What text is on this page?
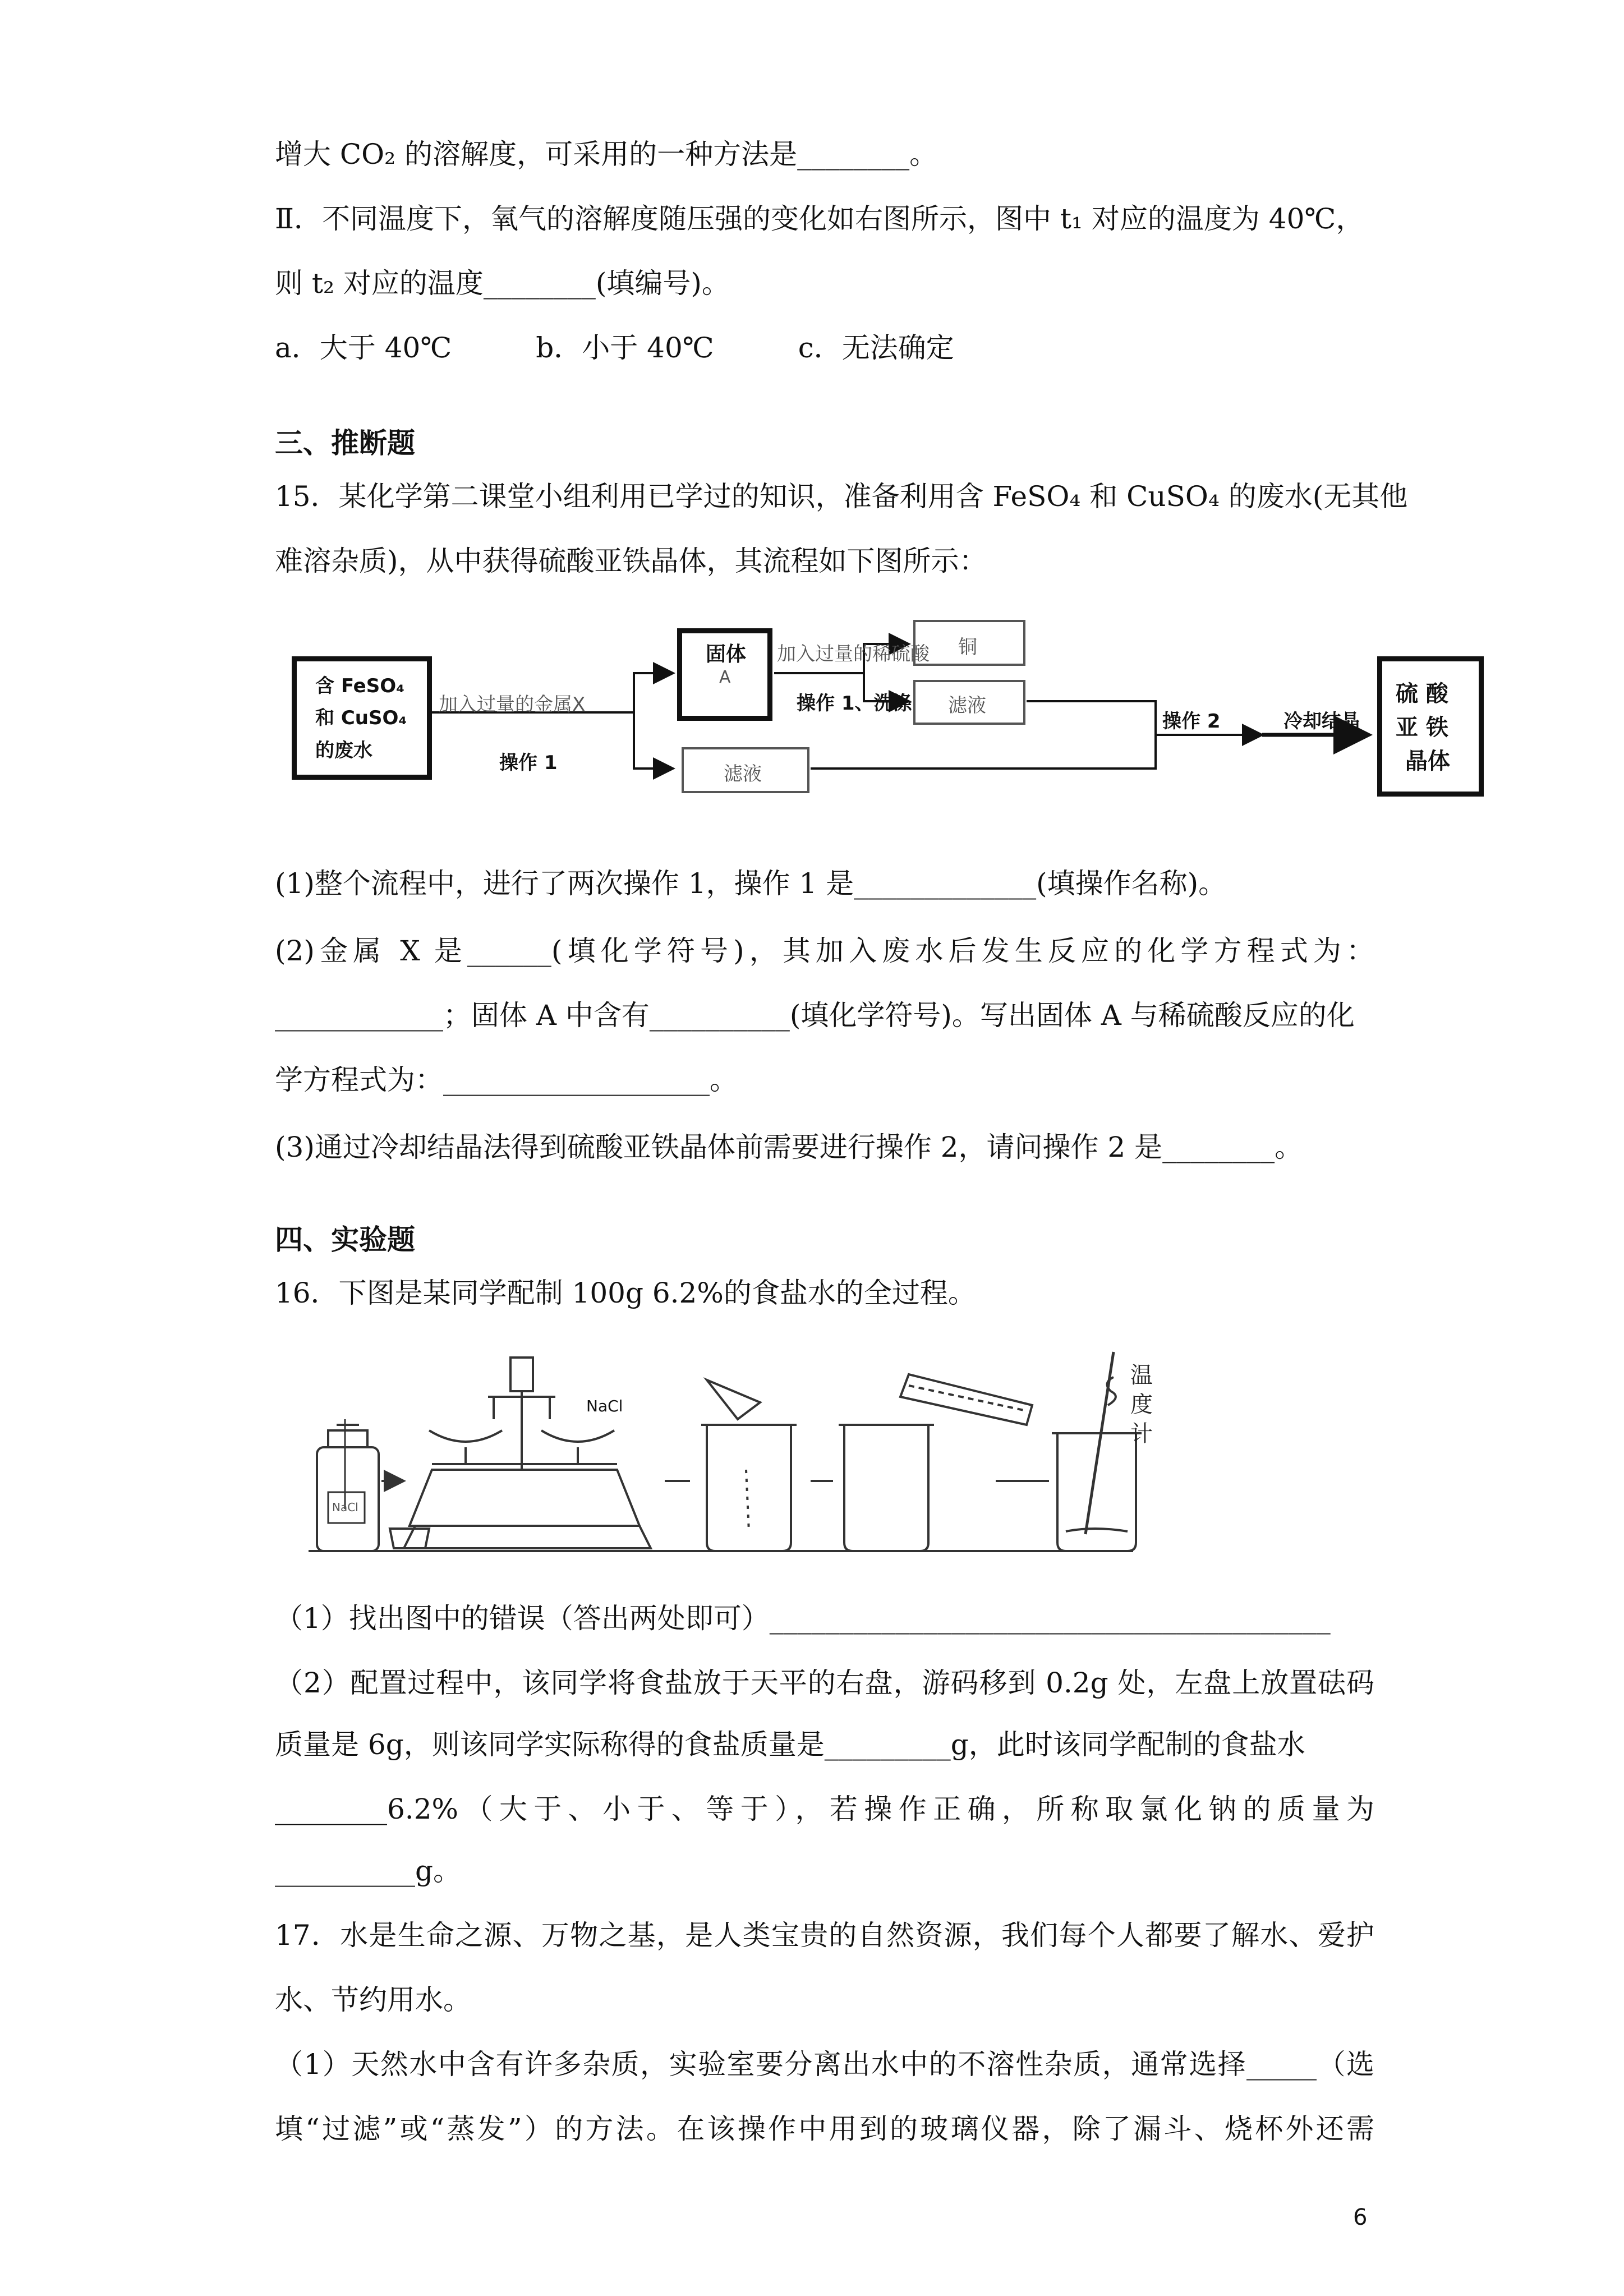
增大 CO₂ 的溶解度，可采用的一种方法是________。
Ⅱ．不同温度下，氧气的溶解度随压强的变化如右图所示，图中 t₁ 对应的温度为 40℃，
则 t₂ 对应的温度________(填编号)。
a．大于 40℃　　　b．小于 40℃　　　c．无法确定
三、推断题
15．某化学第二课堂小组利用已学过的知识，准备利用含 FeSO₄ 和 CuSO₄ 的废水(无其他
难溶杂质)，从中获得硫酸亚铁晶体，其流程如下图所示：
含 FeSO₄
和 CuSO₄
的废水
加入过量的金属X
操作 1
固体
A
加入过量的稀硫酸
操作 1、洗涤
铜
滤液
滤液
操作 2	冷却结晶
硫 酸
亚 铁
晶体
(1)整个流程中，进行了两次操作 1，操作 1 是_____________(填操作名称)。
(2)金属 X 是______(填化学符号)，其加入废水后发生反应的化学方程式为：
____________；固体 A 中含有__________(填化学符号)。写出固体 A 与稀硫酸反应的化
学方程式为：___________________。
(3)通过冷却结晶法得到硫酸亚铁晶体前需要进行操作 2，请问操作 2 是________。
四、实验题
16．下图是某同学配制 100g 6.2%的食盐水的全过程。
NaCl
NaCl
温
度
计
（1）找出图中的错误（答出两处即可）________________________________________
（2）配置过程中，该同学将食盐放于天平的右盘，游码移到 0.2g 处，左盘上放置砝码
质量是 6g，则该同学实际称得的食盐质量是_________g，此时该同学配制的食盐水
________6.2%（大于、小于、等于），若操作正确，所称取氯化钠的质量为
__________g。
17．水是生命之源、万物之基，是人类宝贵的自然资源，我们每个人都要了解水、爱护
水、节约用水。
（1）天然水中含有许多杂质，实验室要分离出水中的不溶性杂质，通常选择_____（选
填“过滤”或“蒸发”）的方法。在该操作中用到的玻璃仪器，除了漏斗、烧杯外还需
6
